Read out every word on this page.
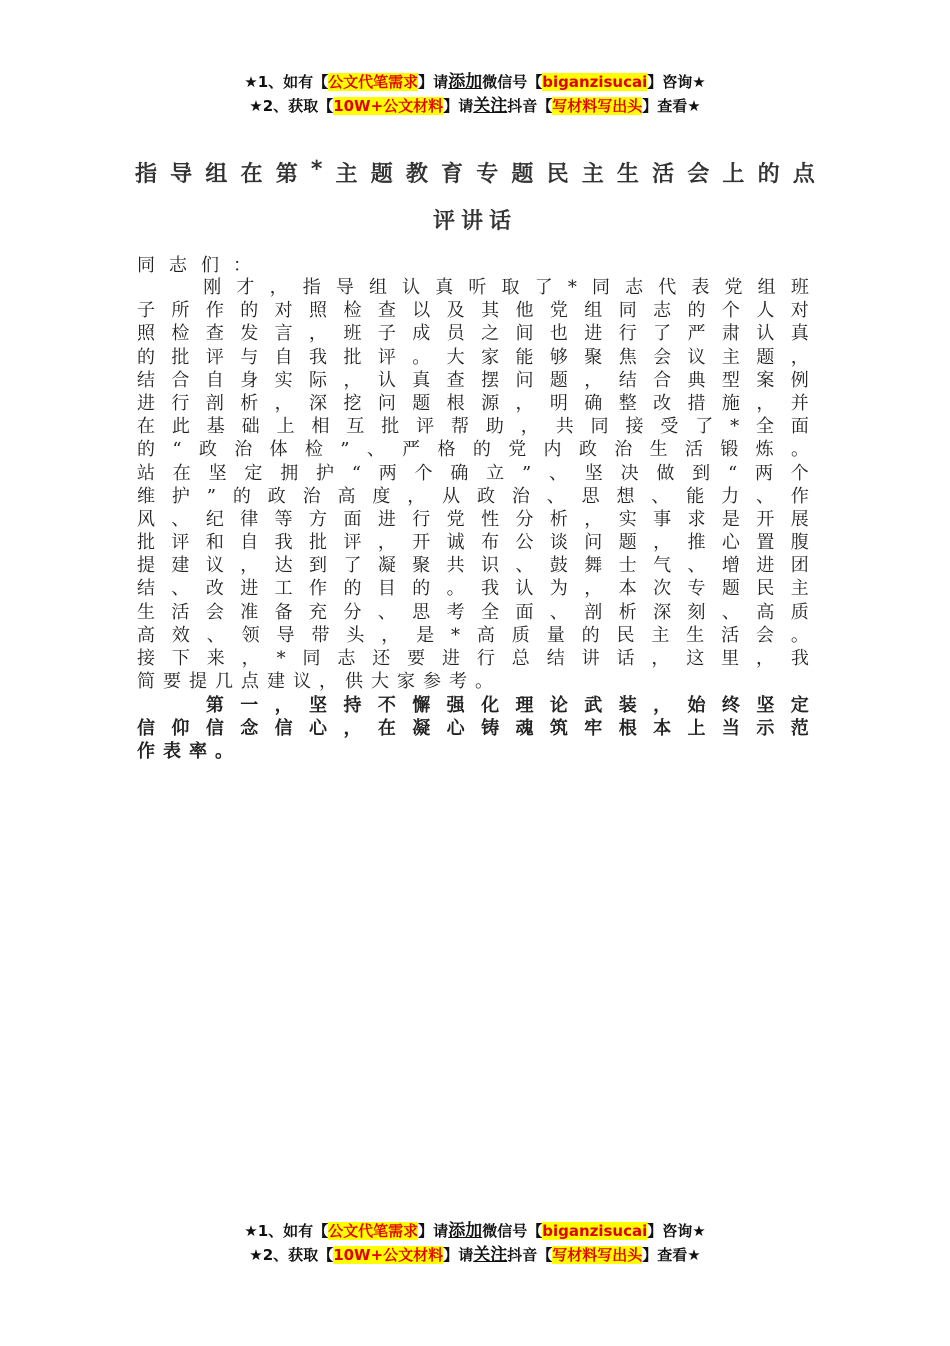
★1、如有【公文代笔需求】请添加微信号【biganzisucai】咨询★
★2、获取【10W+公文材料】请关注抖音【写材料写出头】查看★
指 导 组 在 第 * 主 题 教 育 专 题 民 主 生 活 会 上 的 点
评讲话
同志们：

刚 才 ， 指 导 组 认 真 听 取 了 * 同 志 代 表 党 组 班
子 所 作 的 对 照 检 查 以 及 其 他 党 组 同 志 的 个 人 对
照 检 查 发 言 ， 班 子 成 员 之 间 也 进 行 了 严 肃 认 真
的 批 评 与 自 我 批 评 。 大 家 能 够 聚 焦 会 议 主 题 ，
结 合 自 身 实 际 ， 认 真 查 摆 问 题 ， 结 合 典 型 案 例
进 行 剖 析 ， 深 挖 问 题 根 源 ， 明 确 整 改 措 施 ， 并
在 此 基 础 上 相 互 批 评 帮 助 ， 共 同 接 受 了 * 全 面
的 “ 政 治 体 检 ” 、 严 格 的 党 内 政 治 生 活 锻 炼 。
站 在 坚 定 拥 护 “ 两 个 确 立 ” 、 坚 决 做 到 “ 两 个
维 护 ” 的 政 治 高 度 ， 从 政 治 、 思 想 、 能 力 、 作
风 、 纪 律 等 方 面 进 行 党 性 分 析 ， 实 事 求 是 开 展
批 评 和 自 我 批 评 ， 开 诚 布 公 谈 问 题 ， 推 心 置 腹
提 建 议 ， 达 到 了 凝 聚 共 识 、 鼓 舞 士 气 、 增 进 团
结 、 改 进 工 作 的 目 的 。 我 认 为 ， 本 次 专 题 民 主
生 活 会 准 备 充 分 、 思 考 全 面 、 剖 析 深 刻 、 高 质
高 效 、 领 导 带 头 ， 是 * 高 质 量 的 民 主 生 活 会 。
接 下 来 ， * 同 志 还 要 进 行 总 结 讲 话 ， 这 里 ， 我
简要提几点建议，供大家参考。

第 一 ， 坚 持 不 懈 强 化 理 论 武 装 ， 始 终 坚 定
信 仰 信 念 信 心 ， 在 凝 心 铸 魂 筑 牢 根 本 上 当 示 范
作表率。
★1、如有【公文代笔需求】请添加微信号【biganzisucai】咨询★
★2、获取【10W+公文材料】请关注抖音【写材料写出头】查看★
